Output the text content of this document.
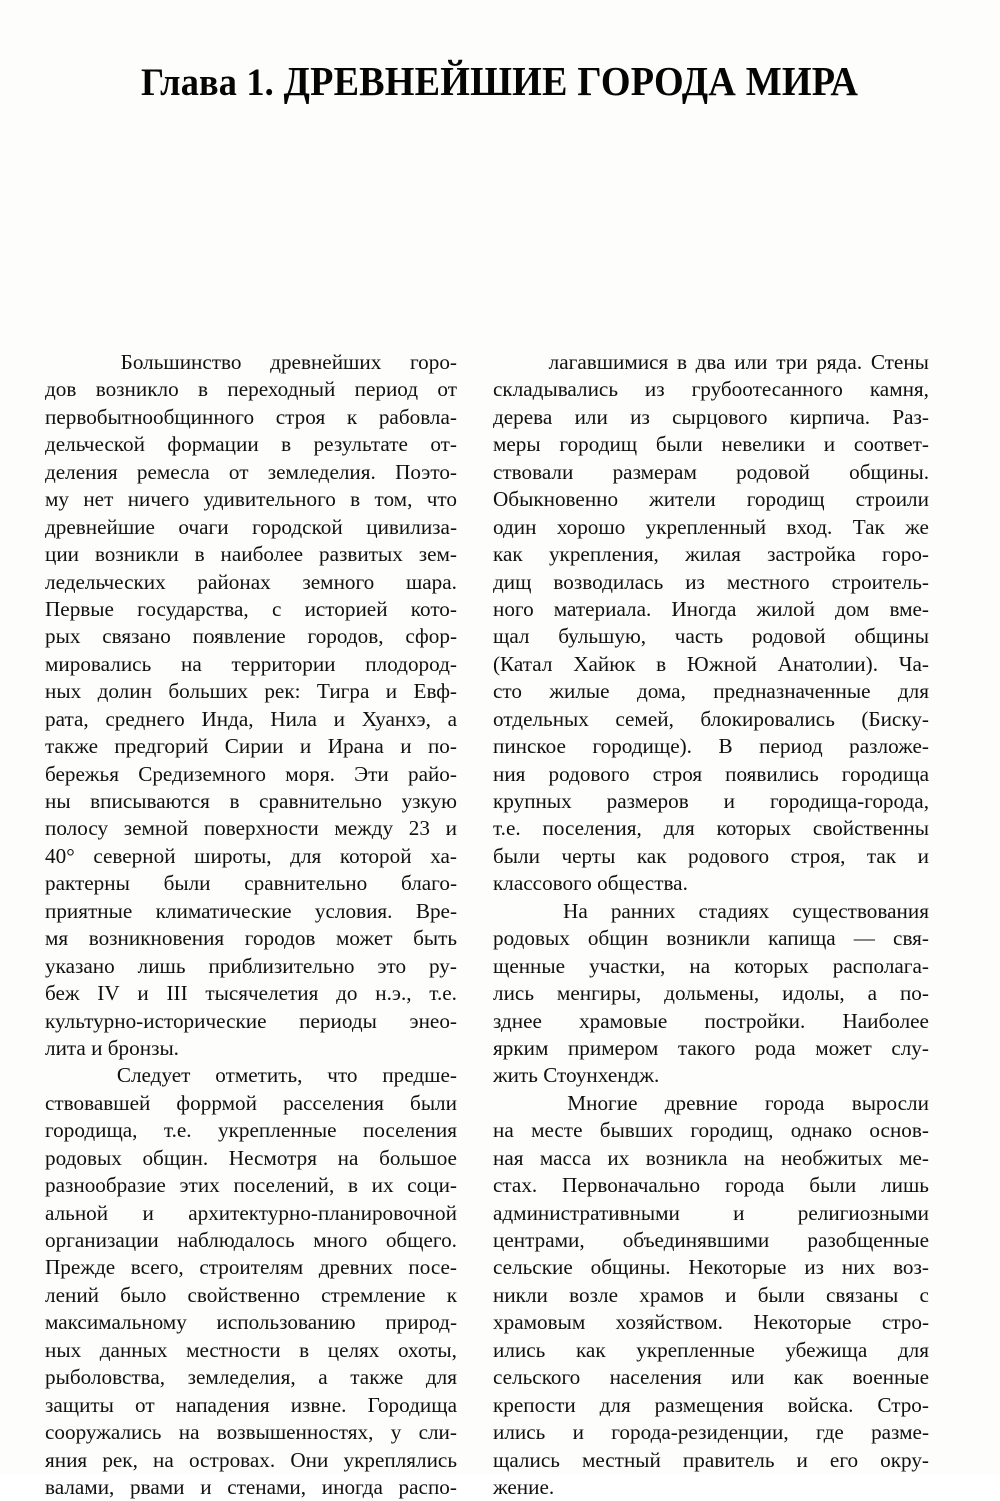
Глава 1. ДРЕВНЕЙШИЕ ГОРОДА МИРА
Большинство древнейших горо-
дов возникло в переходный период от
первобытнообщинного строя к рабовла-
дельческой формации в результате от-
деления ремесла от земледелия. Поэто-
му нет ничего удивительного в том, что
древнейшие очаги городской цивилиза-
ции возникли в наиболее развитых зем-
ледельческих районах земного шара.
Первые государства, с историей кото-
рых связано появление городов, сфор-
мировались на территории плодород-
ных долин больших рек: Тигра и Евф-
рата, среднего Инда, Нила и Хуанхэ, а
также предгорий Сирии и Ирана и по-
бережья Средиземного моря. Эти райо-
ны вписываются в сравнительно узкую
полосу земной поверхности между 23 и
40° северной широты, для которой ха-
рактерны были сравнительно благо-
приятные климатические условия. Вре-
мя возникновения городов может быть
указано лишь приблизительно это ру-
беж IV и III тысячелетия до н.э., т.е.
культурно-исторические периоды энео-
лита и бронзы.
Следует отметить, что предше-
ствовавшей форрмой расселения были
городища, т.е. укрепленные поселения
родовых общин. Несмотря на большое
разнообразие этих поселений, в их соци-
альной и архитектурно-планировочной
организации наблюдалось много общего.
Прежде всего, строителям древних посе-
лений было свойственно стремление к
максимальному использованию природ-
ных данных местности в целях охоты,
рыболовства, земледелия, а также для
защиты от нападения извне. Городища
сооружались на возвышенностях, у сли-
яния рек, на островах. Они укреплялись
валами, рвами и стенами, иногда распо-
лагавшимися в два или три ряда. Стены
складывались из грубоотесанного камня,
дерева или из сырцового кирпича. Раз-
меры городищ были невелики и соответ-
ствовали размерам родовой общины.
Обыкновенно жители городищ строили
один хорошо укрепленный вход. Так же
как укрепления, жилая застройка горо-
дищ возводилась из местного строитель-
ного материала. Иногда жилой дом вме-
щал бульшую, часть родовой общины
(Катал Хайюк в Южной Анатолии). Ча-
сто жилые дома, предназначенные для
отдельных семей, блокировались (Биску-
пинское городище). В период разложе-
ния родового строя появились городища
крупных размеров и городища-города,
т.е. поселения, для которых свойственны
были черты как родового строя, так и
классового общества.
На ранних стадиях существования
родовых общин возникли капища — свя-
щенные участки, на которых располага-
лись менгиры, дольмены, идолы, а по-
зднее храмовые постройки. Наиболее
ярким примером такого рода может слу-
жить Стоунхендж.
Многие древние города выросли
на месте бывших городищ, однако основ-
ная масса их возникла на необжитых ме-
стах. Первоначально города были лишь
административными	и	религиозными
центрами, объединявшими разобщенные
сельские общины. Некоторые из них воз-
никли возле храмов и были связаны с
храмовым хозяйством. Некоторые стро-
ились как укрепленные убежища для
сельского населения или как военные
крепости для размещения войска. Стро-
ились и города-резиденции, где разме-
щались местный правитель и его окру-
жение.
